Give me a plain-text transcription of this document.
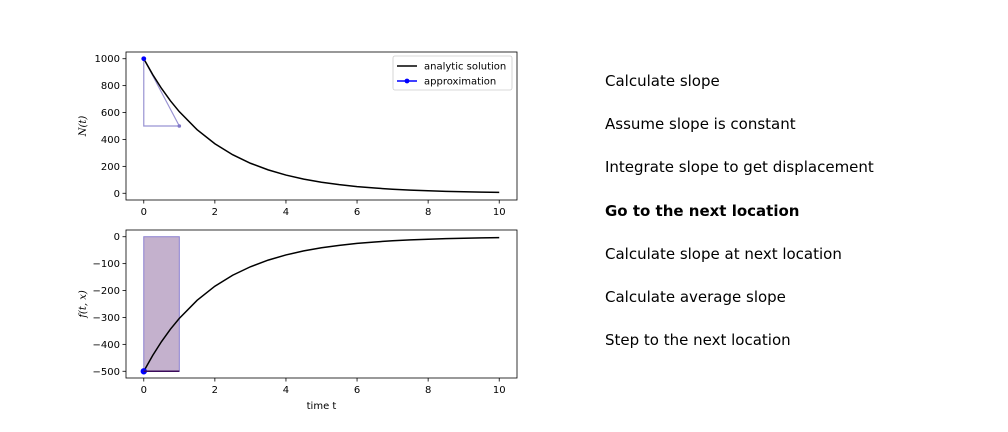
0	2	4	6	8	10
0
200
400
600
800
1000
N(t)
analytic solution
approximation
0	2	4	6	8	10
0
−100
−200
−300
−400
−500
f(t, x)
time t
Calculate slope
Assume slope is constant
Integrate slope to get displacement
Go to the next location
Calculate slope at next location
Calculate average slope
Step to the next location
